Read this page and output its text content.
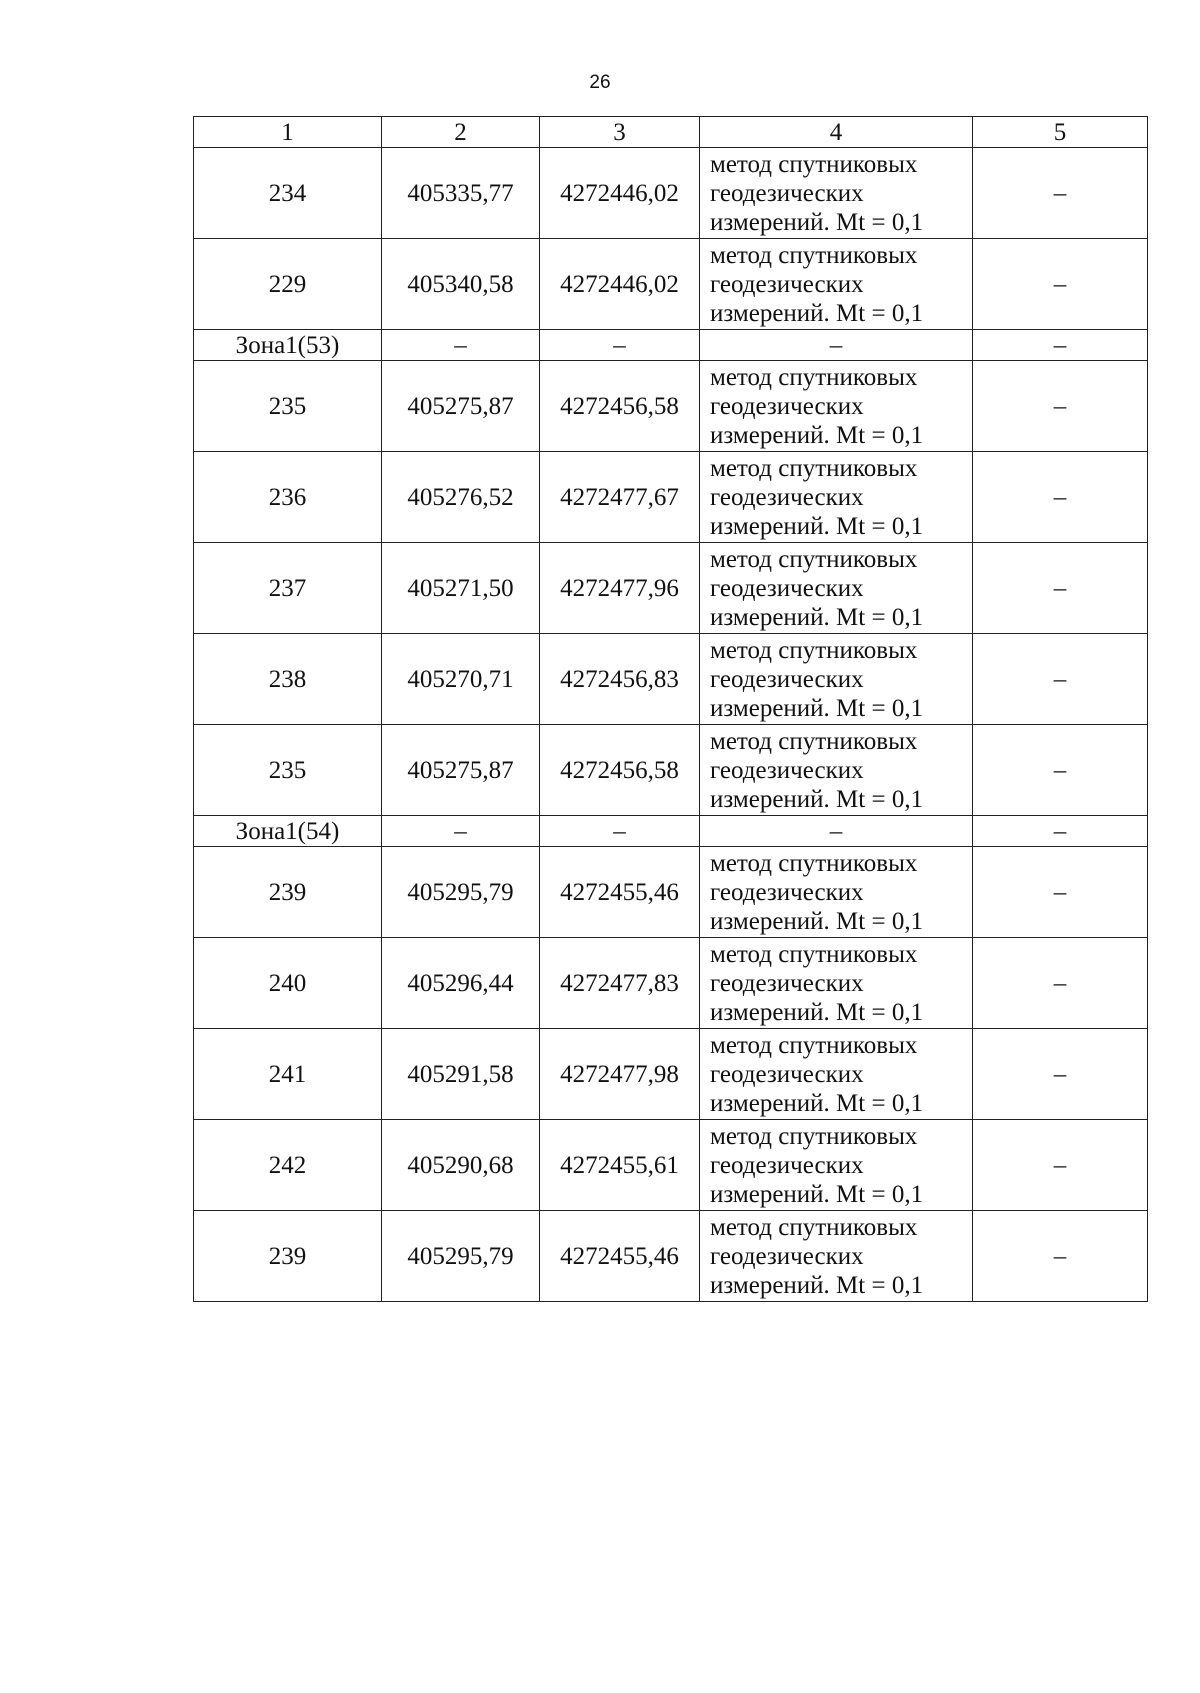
26
1	2	3	4	5
234	405335,77	4272446,02	метод спутниковых
геодезических
измерений. Mt = 0,1	–
229	405340,58	4272446,02	метод спутниковых
геодезических
измерений. Mt = 0,1	–
Зона1(53)	–	–	–	–
235	405275,87	4272456,58	метод спутниковых
геодезических
измерений. Mt = 0,1	–
236	405276,52	4272477,67	метод спутниковых
геодезических
измерений. Mt = 0,1	–
237	405271,50	4272477,96	метод спутниковых
геодезических
измерений. Mt = 0,1	–
238	405270,71	4272456,83	метод спутниковых
геодезических
измерений. Mt = 0,1	–
235	405275,87	4272456,58	метод спутниковых
геодезических
измерений. Mt = 0,1	–
Зона1(54)	–	–	–	–
239	405295,79	4272455,46	метод спутниковых
геодезических
измерений. Mt = 0,1	–
240	405296,44	4272477,83	метод спутниковых
геодезических
измерений. Mt = 0,1	–
241	405291,58	4272477,98	метод спутниковых
геодезических
измерений. Mt = 0,1	–
242	405290,68	4272455,61	метод спутниковых
геодезических
измерений. Mt = 0,1	–
239	405295,79	4272455,46	метод спутниковых
геодезических
измерений. Mt = 0,1	–
